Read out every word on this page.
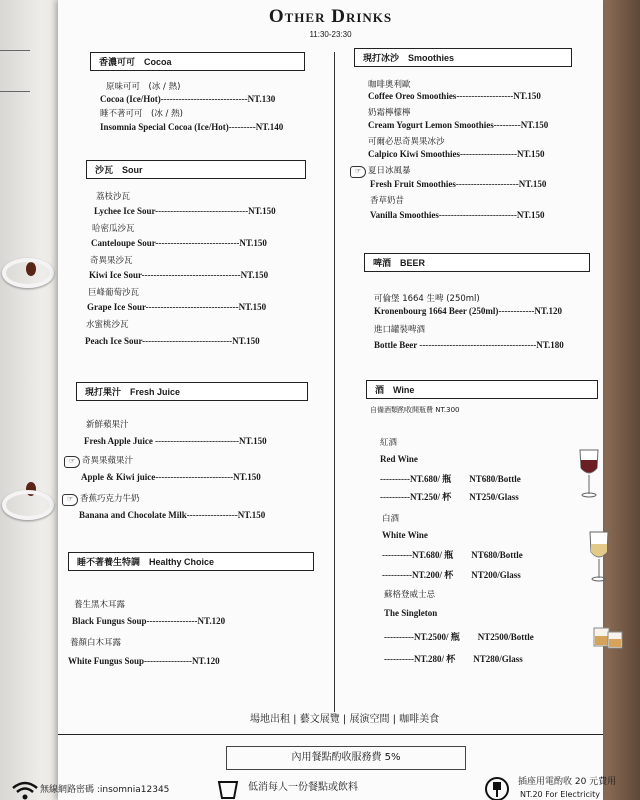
Other Drinks
11:30-23:30
香濃可可　Cocoa
原味可可　(冰 / 熱)
Cocoa (Ice/Hot)-----------------------------NT.130
睡不著可可　(冰 / 熱)
Insomnia Special Cocoa (Ice/Hot)---------NT.140
沙瓦　Sour
荔枝沙瓦
Lychee Ice Sour-------------------------------NT.150
哈密瓜沙瓦
Canteloupe Sour----------------------------NT.150
奇異果沙瓦
Kiwi Ice Sour---------------------------------NT.150
巨峰葡萄沙瓦
Grape Ice Sour-------------------------------NT.150
水蜜桃沙瓦
Peach Ice Sour------------------------------NT.150
現打果汁　Fresh Juice
新鮮蘋果汁
Fresh Apple Juice ----------------------------NT.150
☞ 奇異果蘋果汁
Apple & Kiwi juice--------------------------NT.150
☞ 香蕉巧克力牛奶
Banana and Chocolate Milk-----------------NT.150
睡不著養生特調　Healthy Choice
養生黑木耳露
Black Fungus Soup-----------------NT.120
養顏白木耳露
White Fungus Soup----------------NT.120
現打冰沙　Smoothies
咖啡奧利歐
Coffee Oreo Smoothies-------------------NT.150
奶霜檸檬檸
Cream Yogurt Lemon Smoothies---------NT.150
可爾必思奇異果冰沙
Calpico Kiwi Smoothies-------------------NT.150
☞ 夏日冰風暴
Fresh Fruit Smoothies---------------------NT.150
香草奶昔
Vanilla Smoothies--------------------------NT.150
啤酒　BEER
可倫堡 1664 生啤 (250ml)
Kronenbourg 1664 Beer (250ml)------------NT.120
進口罐裝啤酒
Bottle Beer ---------------------------------------NT.180
酒　Wine
自備酒類酌收開瓶費 NT.300
紅酒
Red Wine
----------NT.680/ 瓶　　NT680/Bottle
----------NT.250/ 杯　　NT250/Glass
白酒
White Wine
----------NT.680/ 瓶　　NT680/Bottle
----------NT.200/ 杯　　NT200/Glass
蘇格登威士忌
The Singleton
----------NT.2500/ 瓶　　NT2500/Bottle
----------NT.280/ 杯　　NT280/Glass
場地出租 | 藝文展覽 | 展演空間 | 咖啡美食
內用餐點酌收服務費 5%
無線網路密碼 :insomnia12345	低消每人一份餐點或飲料	插座用電酌收 20 元費用
NT.20 For Electricity
